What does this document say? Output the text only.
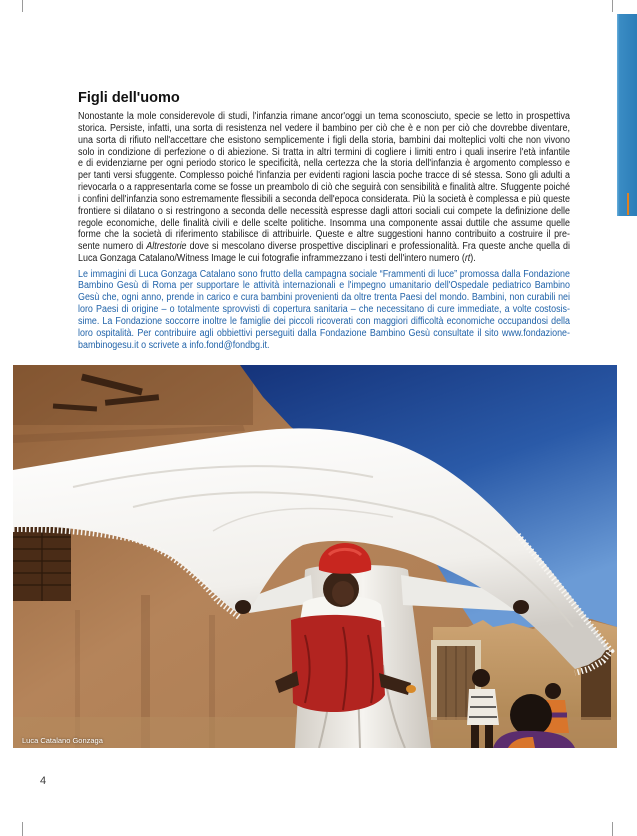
Figli dell'uomo
Nonostante la mole considerevole di studi, l'infanzia rimane ancor'oggi un tema sconosciuto, specie se letto in prospettiva
storica. Persiste, infatti, una sorta di resistenza nel vedere il bambino per ciò che è e non per ciò che dovrebbe diventare,
una sorta di rifiuto nell'accettare che esistono semplicemente i figli della storia, bambini dai molteplici volti che non vivono
solo in condizione di perfezione o di abiezione. Si tratta in altri termini di cogliere i limiti entro i quali inserire l'età infantile
e di evidenziarne per ogni periodo storico le specificità, nella certezza che la storia dell'infanzia è argomento complesso e
per tanti versi sfuggente. Complesso poiché l'infanzia per evidenti ragioni lascia poche tracce di sé stessa. Sono gli adulti a
rievocarla o a rappresentarla come se fosse un preambolo di ciò che seguirà con sensibilità e finalità altre. Sfuggente poiché
i confini dell'infanzia sono estremamente flessibili a seconda dell'epoca considerata. Più la società è complessa e più queste
frontiere si dilatano o si restringono a seconda delle necessità espresse dagli attori sociali cui compete la definizione delle
regole economiche, delle finalità civili e delle scelte politiche. Insomma una componente assai duttile che assume quelle
forme che la società di riferimento stabilisce di attribuirle. Queste e altre suggestioni hanno contribuito a costruire il pre-
sente numero di Altrestorie dove si mescolano diverse prospettive disciplinari e professionalità. Fra queste anche quella di
Luca Gonzaga Catalano/Witness Image le cui fotografie inframmezzano i testi dell'intero numero (rt).
Le immagini di Luca Gonzaga Catalano sono frutto della campagna sociale “Frammenti di luce” promossa dalla Fondazione
Bambino Gesù di Roma per supportare le attività internazionali e l'impegno umanitario dell'Ospedale pediatrico Bambino
Gesù che, ogni anno, prende in carico e cura bambini provenienti da oltre trenta Paesi del mondo. Bambini, non curabili nei
loro Paesi di origine – o totalmente sprovvisti di copertura sanitaria – che necessitano di cure immediate, a volte costosis-
sime. La Fondazione soccorre inoltre le famiglie dei piccoli ricoverati con maggiori difficoltà economiche occupandosi della
loro ospitalità. Per contribuire agli obbiettivi perseguiti dalla Fondazione Bambino Gesù consultate il sito www.fondazione-
bambinogesu.it o scrivete a info.fond@fondbg.it.
Luca Catalano Gonzaga
4
